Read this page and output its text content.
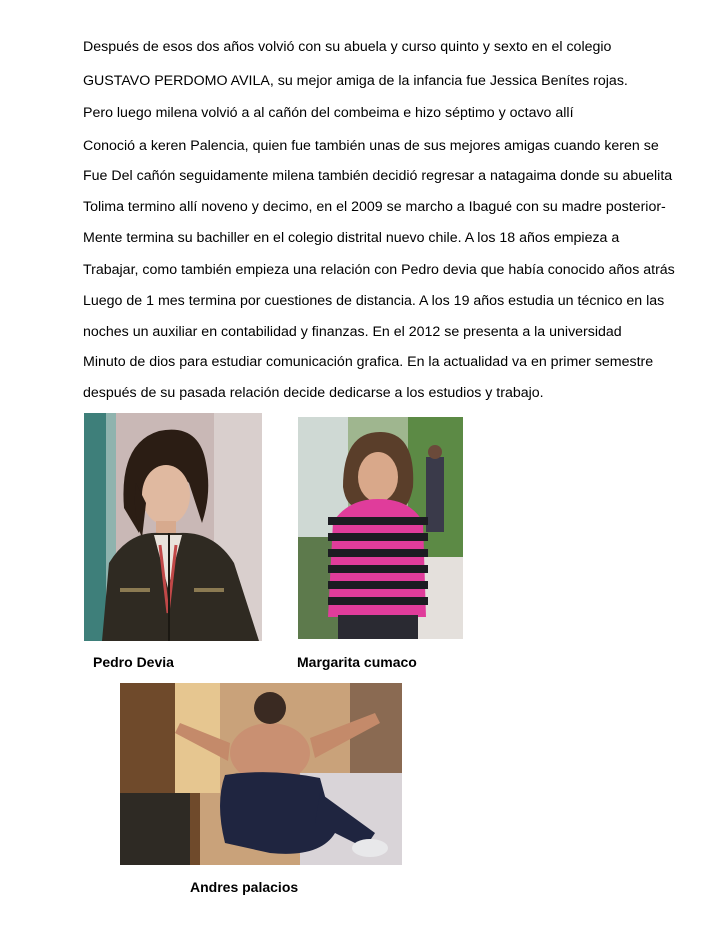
Después de esos dos años volvió con su abuela y curso quinto y sexto en el colegio
GUSTAVO PERDOMO AVILA, su mejor amiga de la infancia fue Jessica Benítes rojas.
Pero luego milena volvió a al cañón del combeima e hizo séptimo y octavo allí
Conoció a keren Palencia, quien fue también unas de sus mejores amigas cuando keren se
Fue Del cañón seguidamente milena también decidió regresar a natagaima donde su abuelita
Tolima termino allí noveno y decimo, en el 2009 se marcho a Ibagué con su madre posterior-
Mente termina su bachiller en el colegio distrital nuevo chile. A los 18 años empieza a
Trabajar, como también empieza una relación con Pedro devia que había conocido años atrás
Luego de 1 mes termina por cuestiones de distancia. A los 19 años estudia un técnico en las
noches un auxiliar en contabilidad y finanzas. En el 2012 se presenta a la universidad
Minuto de dios para estudiar comunicación grafica. En la actualidad va en primer semestre
después de su pasada relación decide dedicarse a los estudios y trabajo.
Pedro Devia	Margarita cumaco
Andres palacios
